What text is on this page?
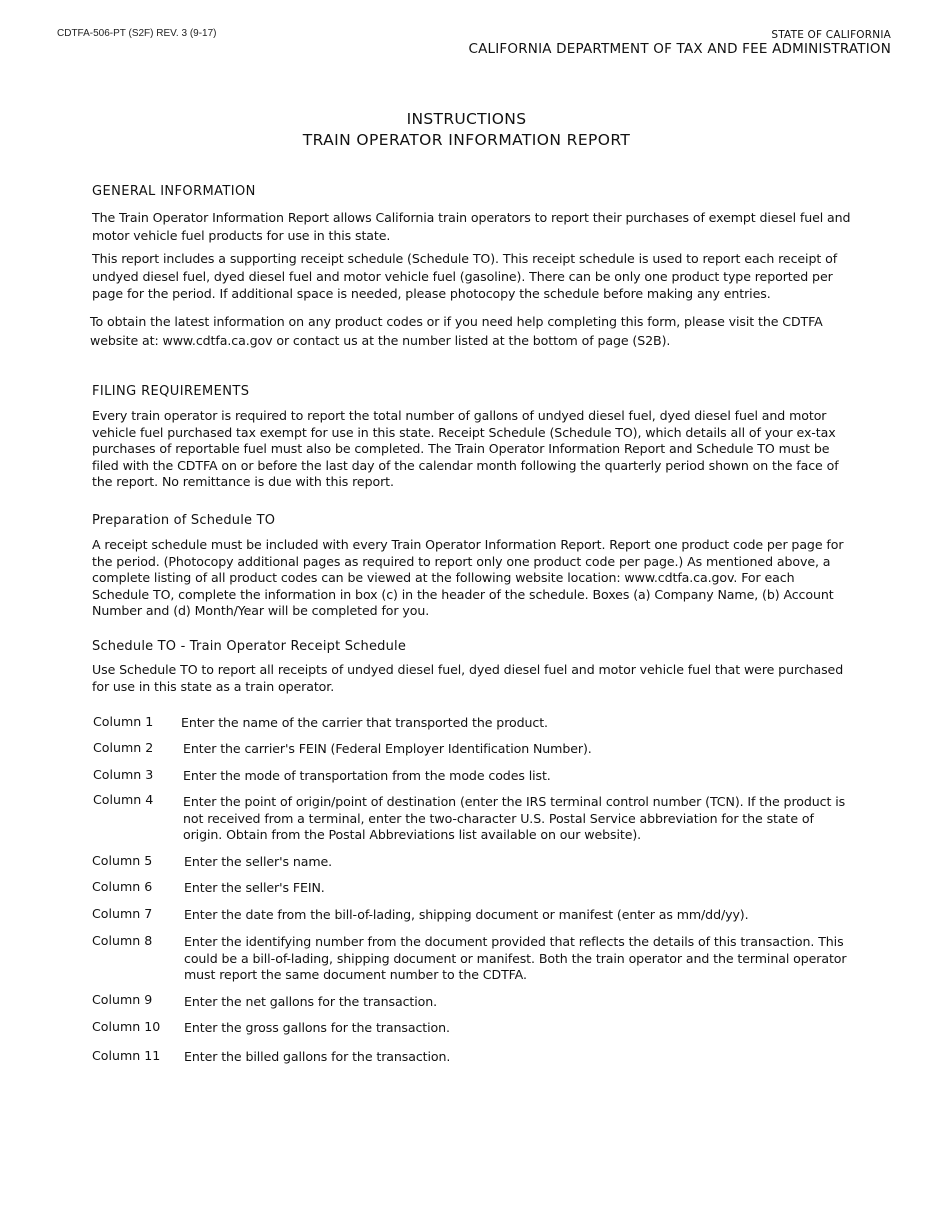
CDTFA-506-PT (S2F) REV. 3 (9-17)	STATE OF CALIFORNIA
CALIFORNIA DEPARTMENT OF TAX AND FEE ADMINISTRATION
INSTRUCTIONS
TRAIN OPERATOR INFORMATION REPORT
GENERAL INFORMATION
The Train Operator Information Report allows California train operators to report their purchases of exempt diesel fuel and motor vehicle fuel products for use in this state.
This report includes a supporting receipt schedule (Schedule TO). This receipt schedule is used to report each receipt of undyed diesel fuel, dyed diesel fuel and motor vehicle fuel (gasoline). There can be only one product type reported per page for the period. If additional space is needed, please photocopy the schedule before making any entries.
To obtain the latest information on any product codes or if you need help completing this form, please visit the CDTFA website at: www.cdtfa.ca.gov or contact us at the number listed at the bottom of page (S2B).
FILING REQUIREMENTS
Every train operator is required to report the total number of gallons of undyed diesel fuel, dyed diesel fuel and motor vehicle fuel purchased tax exempt for use in this state. Receipt Schedule (Schedule TO), which details all of your ex-tax purchases of reportable fuel must also be completed. The Train Operator Information Report and Schedule TO must be filed with the CDTFA on or before the last day of the calendar month following the quarterly period shown on the face of the report. No remittance is due with this report.
Preparation of Schedule TO
A receipt schedule must be included with every Train Operator Information Report. Report one product code per page for the period. (Photocopy additional pages as required to report only one product code per page.) As mentioned above, a complete listing of all product codes can be viewed at the following website location: www.cdtfa.ca.gov. For each Schedule TO, complete the information in box (c) in the header of the schedule. Boxes (a) Company Name, (b) Account Number and (d) Month/Year will be completed for you.
Schedule TO - Train Operator Receipt Schedule
Use Schedule TO to report all receipts of undyed diesel fuel, dyed diesel fuel and motor vehicle fuel that were purchased for use in this state as a train operator.
Column 1 Enter the name of the carrier that transported the product.
Column 2 Enter the carrier's FEIN (Federal Employer Identification Number).
Column 3 Enter the mode of transportation from the mode codes list.
Column 4 Enter the point of origin/point of destination (enter the IRS terminal control number (TCN). If the product is not received from a terminal, enter the two-character U.S. Postal Service abbreviation for the state of origin. Obtain from the Postal Abbreviations list available on our website).
Column 5	Enter the seller's name.
Column 6	Enter the seller's FEIN.
Column 7	Enter the date from the bill-of-lading, shipping document or manifest (enter as mm/dd/yy).
Column 8	Enter the identifying number from the document provided that reflects the details of this transaction. This could be a bill-of-lading, shipping document or manifest. Both the train operator and the terminal operator must report the same document number to the CDTFA.
Column 9	Enter the net gallons for the transaction.
Column 10 Enter the gross gallons for the transaction.
Column 11 Enter the billed gallons for the transaction.
